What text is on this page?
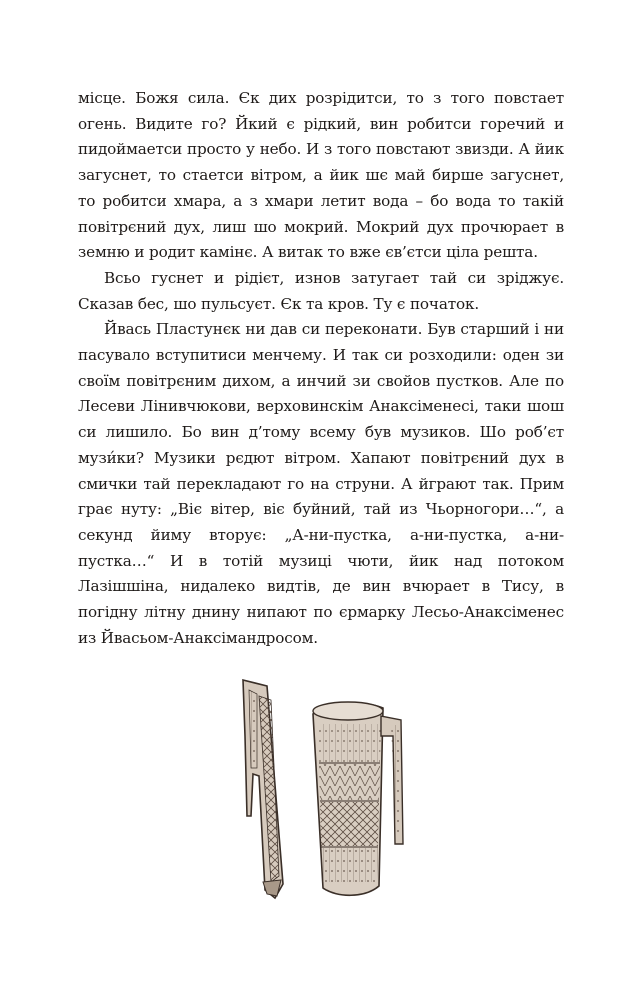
місце. Божя сила. Єк дих розрідитси, то з того повстает огень. Видите го? Йкий є рідкий, вин робитси горечий и пидоймаетси просто у небо. И з того повстают звизди. А йик загуснет, то стаетси вітром, а йик шє май бирше загуснет, то робитси хмара, а з хмари летит вода – бо вода то такій повітрєний дух, лиш шо мокрий. Мокрий дух прочюрает в земню и родит камінє. А витак то вже єв’єтси ціла решта.

Всьо гуснет и рідієт, изнов затугает тай си зріджує. Сказав бес, шо пульсуєт. Єк та кров. Ту є початок.

Йвась Пластунєк ни дав си переконати. Був старший і ни пасувало вступитиси менчему. И так си розходили: оден зи своїм повітрєним дихом, а инчий зи свойов пустков. Але по Лесеви Лінивчюкови, верховинскім Анаксіменесі, таки шош си лишило. Бо вин д’тому всему був музиков. Шо роб’єт музи́ки? Музики рєдют вітром. Хапают повітрєний дух в смички тай перекладают го на струни. А йграют так. Прим грає нуту: „Віє вітер, віє буйний, тай из Чьорногори…“, а секунд йиму вторує: „А-ни-пустка, а-ни-пустка, а-ни-пустка…“ И в тотій музиці чюти, йик над потоком Лазішшіна, нидалеко видтів, де вин вчюрает в Тису, в погідну літну днину нипают по єрмарку Лесьо-Анаксіменес из Йвасьом-Анаксімандросом.
